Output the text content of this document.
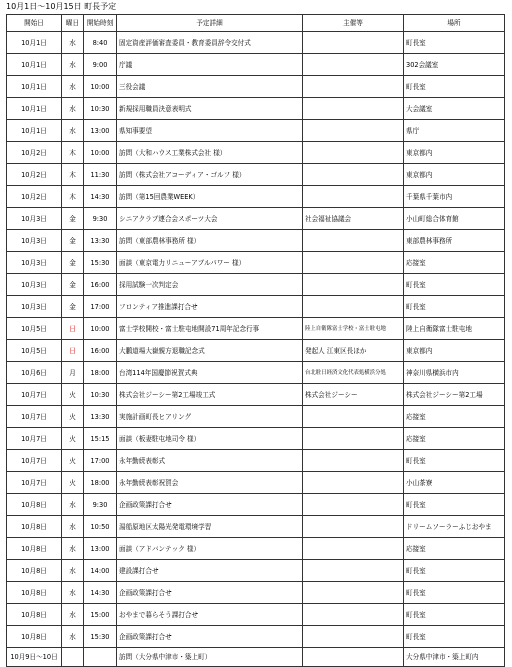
10月1日～10月15日 町長予定
開始日	曜日	開始時刻	予定詳細	主催等	場所
10月1日	水	8:40	固定資産評価審査委員・教育委員辞令交付式		町長室
10月1日	水	9:00	庁議		302会議室
10月1日	水	10:00	三役会議		町長室
10月1日	水	10:30	新規採用職員決意表明式		大会議室
10月1日	水	13:00	県知事要望		県庁
10月2日	木	10:00	訪問（大和ハウス工業株式会社 様）		東京都内
10月2日	木	11:30	訪問（株式会社アコーディア・ゴルフ 様）		東京都内
10月2日	木	14:30	訪問（第15回農業WEEK）		千葉県千葉市内
10月3日	金	9:30	シニアクラブ連合会スポーツ大会	社会福祉協議会	小山町総合体育館
10月3日	金	13:30	訪問（東部農林事務所 様）		東部農林事務所
10月3日	金	15:30	面談（東京電力リニューアブルパワー 様）		応接室
10月3日	金	16:00	採用試験一次判定会		町長室
10月3日	金	17:00	フロンティア推進課打合せ		町長室
10月5日	日	10:00	富士学校開校・富士駐屯地開設71周年記念行事	陸上自衛隊富士学校・富士駐屯地	陸上自衛隊富士駐屯地
10月5日	日	16:00	大鵬道場大嶽親方退職記念式	発起人 江東区長ほか	東京都内
10月6日	月	18:00	台湾114年国慶節祝賀式典	台北駐日経済文化代表処横浜分処	神奈川県横浜市内
10月7日	火	10:30	株式会社ジーシー第2工場竣工式	株式会社ジーシー	株式会社ジーシー第2工場
10月7日	火	13:30	実施計画町長ヒアリング		応接室
10月7日	火	15:15	面談（板妻駐屯地司令 様）		応接室
10月7日	火	17:00	永年勤続表彰式		町長室
10月7日	火	18:00	永年勤続表彰祝賀会		小山茶寮
10月8日	水	9:30	企画政策課打合せ		町長室
10月8日	水	10:50	湯船原地区太陽光発電環境学習		ドリームソーラーふじおやま
10月8日	水	13:00	面談（アドバンテック 様）		応接室
10月8日	水	14:00	建設課打合せ		町長室
10月8日	水	14:30	企画政策課打合せ		町長室
10月8日	水	15:00	おやまで暮らそう課打合せ		町長室
10月8日	水	15:30	企画政策課打合せ		町長室
10月9日～10日			訪問（大分県中津市・築上町）		大分県中津市・築上町内
